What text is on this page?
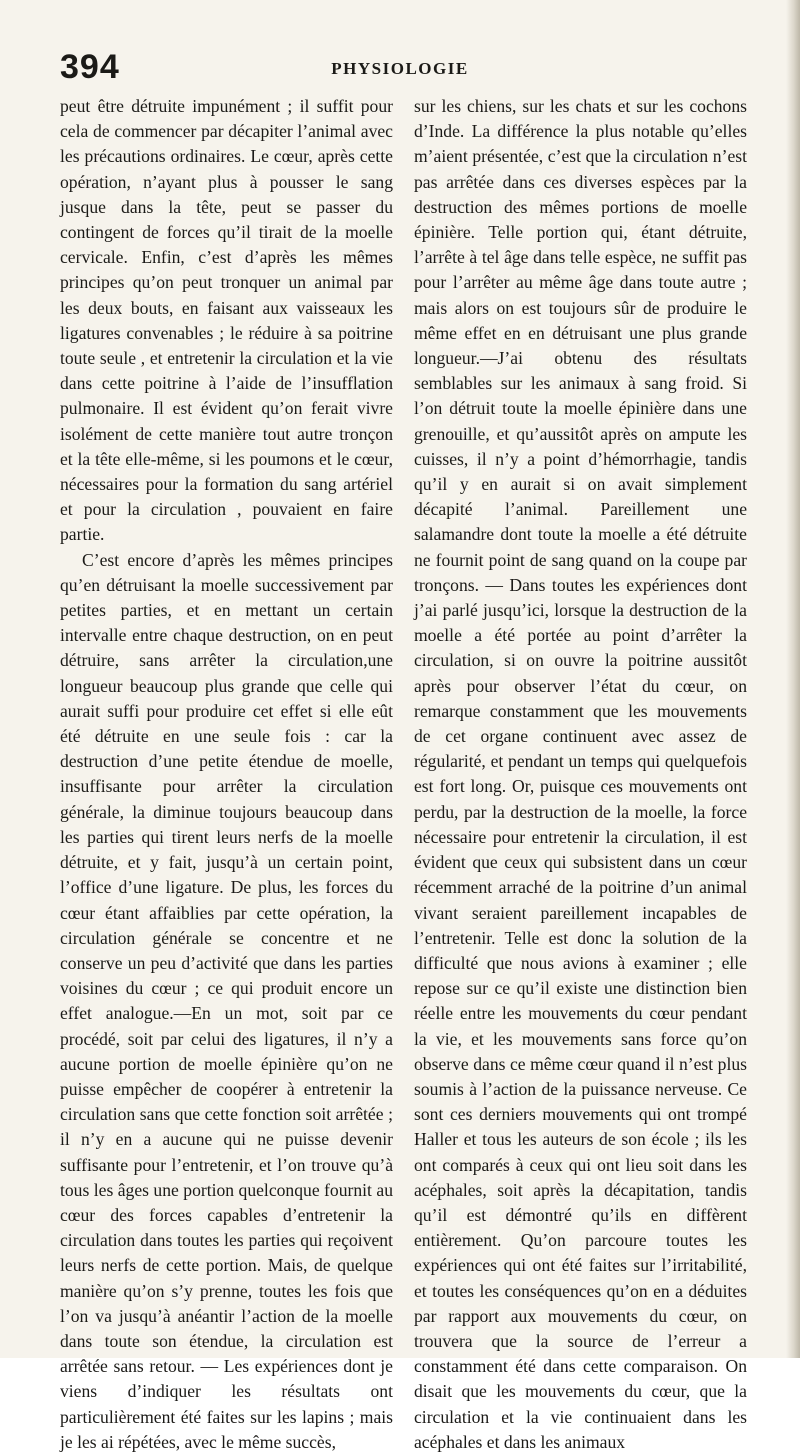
394	PHYSIOLOGIE

peut être détruite impunément ; il suffit pour cela de commencer par décapiter l’animal avec les précautions ordinaires. Le cœur, après cette opération, n’ayant plus à pousser le sang jusque dans la tête, peut se passer du contingent de forces qu’il tirait de la moelle cervicale. Enfin, c’est d’après les mêmes principes qu’on peut tronquer un animal par les deux bouts, en faisant aux vaisseaux les ligatures convenables ; le réduire à sa poitrine toute seule , et entretenir la circulation et la vie dans cette poitrine à l’aide de l’insufflation pulmonaire. Il est évident qu’on ferait vivre isolément de cette manière tout autre tronçon et la tête elle-même, si les poumons et le cœur, nécessaires pour la formation du sang artériel et pour la circulation , pouvaient en faire partie.

C’est encore d’après les mêmes principes qu’en détruisant la moelle successivement par petites parties, et en mettant un certain intervalle entre chaque destruction, on en peut détruire, sans arrêter la circulation,une longueur beaucoup plus grande que celle qui aurait suffi pour produire cet effet si elle eût été détruite en une seule fois : car la destruction d’une petite étendue de moelle, insuffisante pour arrêter la circulation générale, la diminue toujours beaucoup dans les parties qui tirent leurs nerfs de la moelle détruite, et y fait, jusqu’à un certain point, l’office d’une ligature. De plus, les forces du cœur étant affaiblies par cette opération, la circulation générale se concentre et ne conserve un peu d’activité que dans les parties voisines du cœur ; ce qui produit encore un effet analogue.—En un mot, soit par ce procédé, soit par celui des ligatures, il n’y a aucune portion de moelle épinière qu’on ne puisse empêcher de coopérer à entretenir la circulation sans que cette fonction soit arrêtée ; il n’y en a aucune qui ne puisse devenir suffisante pour l’entretenir, et l’on trouve qu’à tous les âges une portion quelconque fournit au cœur des forces capables d’entretenir la circulation dans toutes les parties qui reçoivent leurs nerfs de cette portion. Mais, de quelque manière qu’on s’y prenne, toutes les fois que l’on va jusqu’à anéantir l’action de la moelle dans toute son étendue, la circulation est arrêtée sans retour. — Les expériences dont je viens d’indiquer les résultats ont particulièrement été faites sur les lapins ; mais je les ai répétées, avec le même succès,

sur les chiens, sur les chats et sur les cochons d’Inde. La différence la plus notable qu’elles m’aient présentée, c’est que la circulation n’est pas arrêtée dans ces diverses espèces par la destruction des mêmes portions de moelle épinière. Telle portion qui, étant détruite, l’arrête à tel âge dans telle espèce, ne suffit pas pour l’arrêter au même âge dans toute autre ; mais alors on est toujours sûr de produire le même effet en en détruisant une plus grande longueur.—J’ai obtenu des résultats semblables sur les animaux à sang froid. Si l’on détruit toute la moelle épinière dans une grenouille, et qu’aussitôt après on ampute les cuisses, il n’y a point d’hémorrhagie, tandis qu’il y en aurait si on avait simplement décapité l’animal. Pareillement une salamandre dont toute la moelle a été détruite ne fournit point de sang quand on la coupe par tronçons. — Dans toutes les expériences dont j’ai parlé jusqu’ici, lorsque la destruction de la moelle a été portée au point d’arrêter la circulation, si on ouvre la poitrine aussitôt après pour observer l’état du cœur, on remarque constamment que les mouvements de cet organe continuent avec assez de régularité, et pendant un temps qui quelquefois est fort long. Or, puisque ces mouvements ont perdu, par la destruction de la moelle, la force nécessaire pour entretenir la circulation, il est évident que ceux qui subsistent dans un cœur récemment arraché de la poitrine d’un animal vivant seraient pareillement incapables de l’entretenir. Telle est donc la solution de la difficulté que nous avions à examiner ; elle repose sur ce qu’il existe une distinction bien réelle entre les mouvements du cœur pendant la vie, et les mouvements sans force qu’on observe dans ce même cœur quand il n’est plus soumis à l’action de la puissance nerveuse. Ce sont ces derniers mouvements qui ont trompé Haller et tous les auteurs de son école ; ils les ont comparés à ceux qui ont lieu soit dans les acéphales, soit après la décapitation, tandis qu’il est démontré qu’ils en diffèrent entièrement. Qu’on parcoure toutes les expériences qui ont été faites sur l’irritabilité, et toutes les conséquences qu’on en a déduites par rapport aux mouvements du cœur, on trouvera que la source de l’erreur a constamment été dans cette comparaison. On disait que les mouvements du cœur, que la circulation et la vie continuaient dans les acéphales et dans les animaux
